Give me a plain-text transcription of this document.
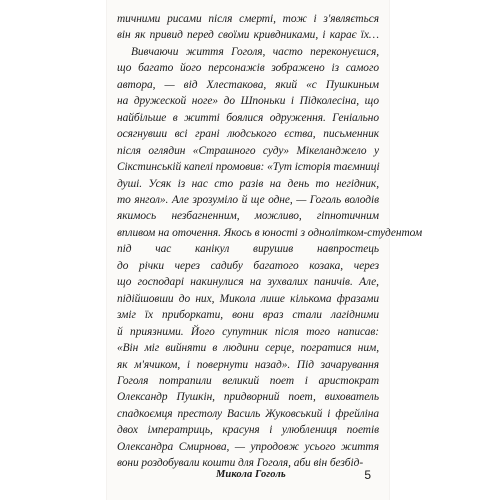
тичними рисами після смерті, тож і з'являється
він як привид перед своїми кривдниками, і карає їх…
Вивчаючи життя Гоголя, часто переконуєшся,
що багато його персонажів зображено із самого
автора, — від Хлестакова, який «с Пушкиным
на дружеской ноге» до Шпоньки і Підколесіна, що
найбільше в житті боялися одруження. Геніально
осягнувши всі грані людського єства, письменник
після оглядин «Страшного суду» Мікеланджело у
Сікстинській капелі промовив: «Тут історія таємниці
душі. Усяк із нас сто разів на день то негідник,
то янгол». Але зрозуміло й ще одне, — Гоголь володів
якимось незбагненним, можливо, гіпнотичним
впливом на оточення. Якось в юності з однолітком-студентом
під час канікул вирушив навпростець
до річки через садибу багатого козака, через
що господарі накинулися на зухвалих паничів. Але,
підійшовши до них, Микола лише кількома фразами
зміг їх приборкати, вони враз стали лагідними
й приязними. Його супутник після того написав:
«Він міг вийняти в людини серце, погратися ним,
як м'ячиком, і повернути назад». Під зачарування
Гоголя потрапили великий поет і аристократ
Олександр Пушкін, придворний поет, вихователь
спадкоємця престолу Василь Жуковський і фрейліна
двох імператриць, красуня і улюблениця поетів
Олександра Смирнова, — упродовж усього життя
вони роздобували кошти для Гоголя, аби він безбід-
Микола Гоголь	5
